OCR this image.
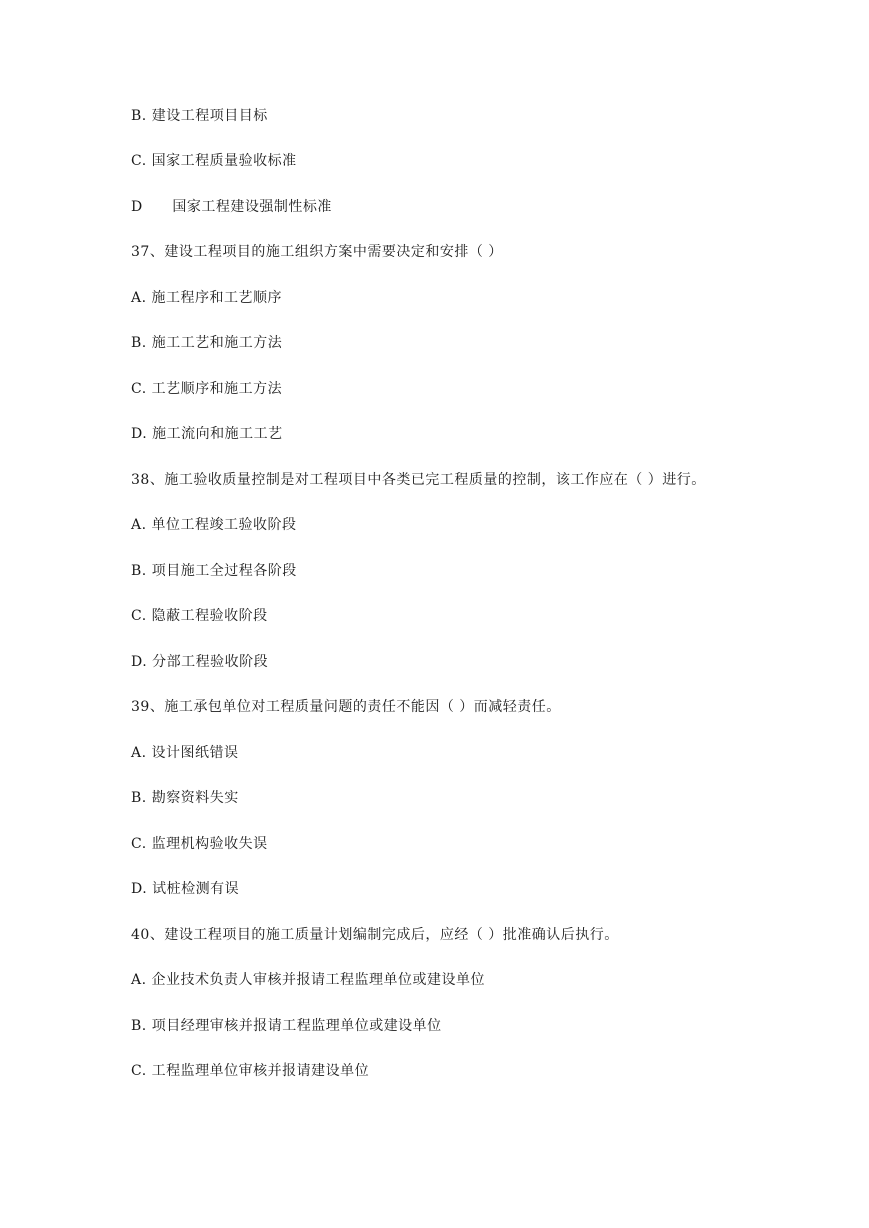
B. 建设工程项目目标
C. 国家工程质量验收标准
D      国家工程建设强制性标准
37、建设工程项目的施工组织方案中需要决定和安排（ ）
A. 施工程序和工艺顺序
B. 施工工艺和施工方法
C. 工艺顺序和施工方法
D. 施工流向和施工工艺
38、施工验收质量控制是对工程项目中各类已完工程质量的控制，该工作应在（ ）进行。
A. 单位工程竣工验收阶段
B. 项目施工全过程各阶段
C. 隐蔽工程验收阶段
D. 分部工程验收阶段
39、施工承包单位对工程质量问题的责任不能因（ ）而减轻责任。
A. 设计图纸错误
B. 勘察资料失实
C. 监理机构验收失误
D. 试桩检测有误
40、建设工程项目的施工质量计划编制完成后，应经（ ）批准确认后执行。
A. 企业技术负责人审核并报请工程监理单位或建设单位
B. 项目经理审核并报请工程监理单位或建设单位
C. 工程监理单位审核并报请建设单位
